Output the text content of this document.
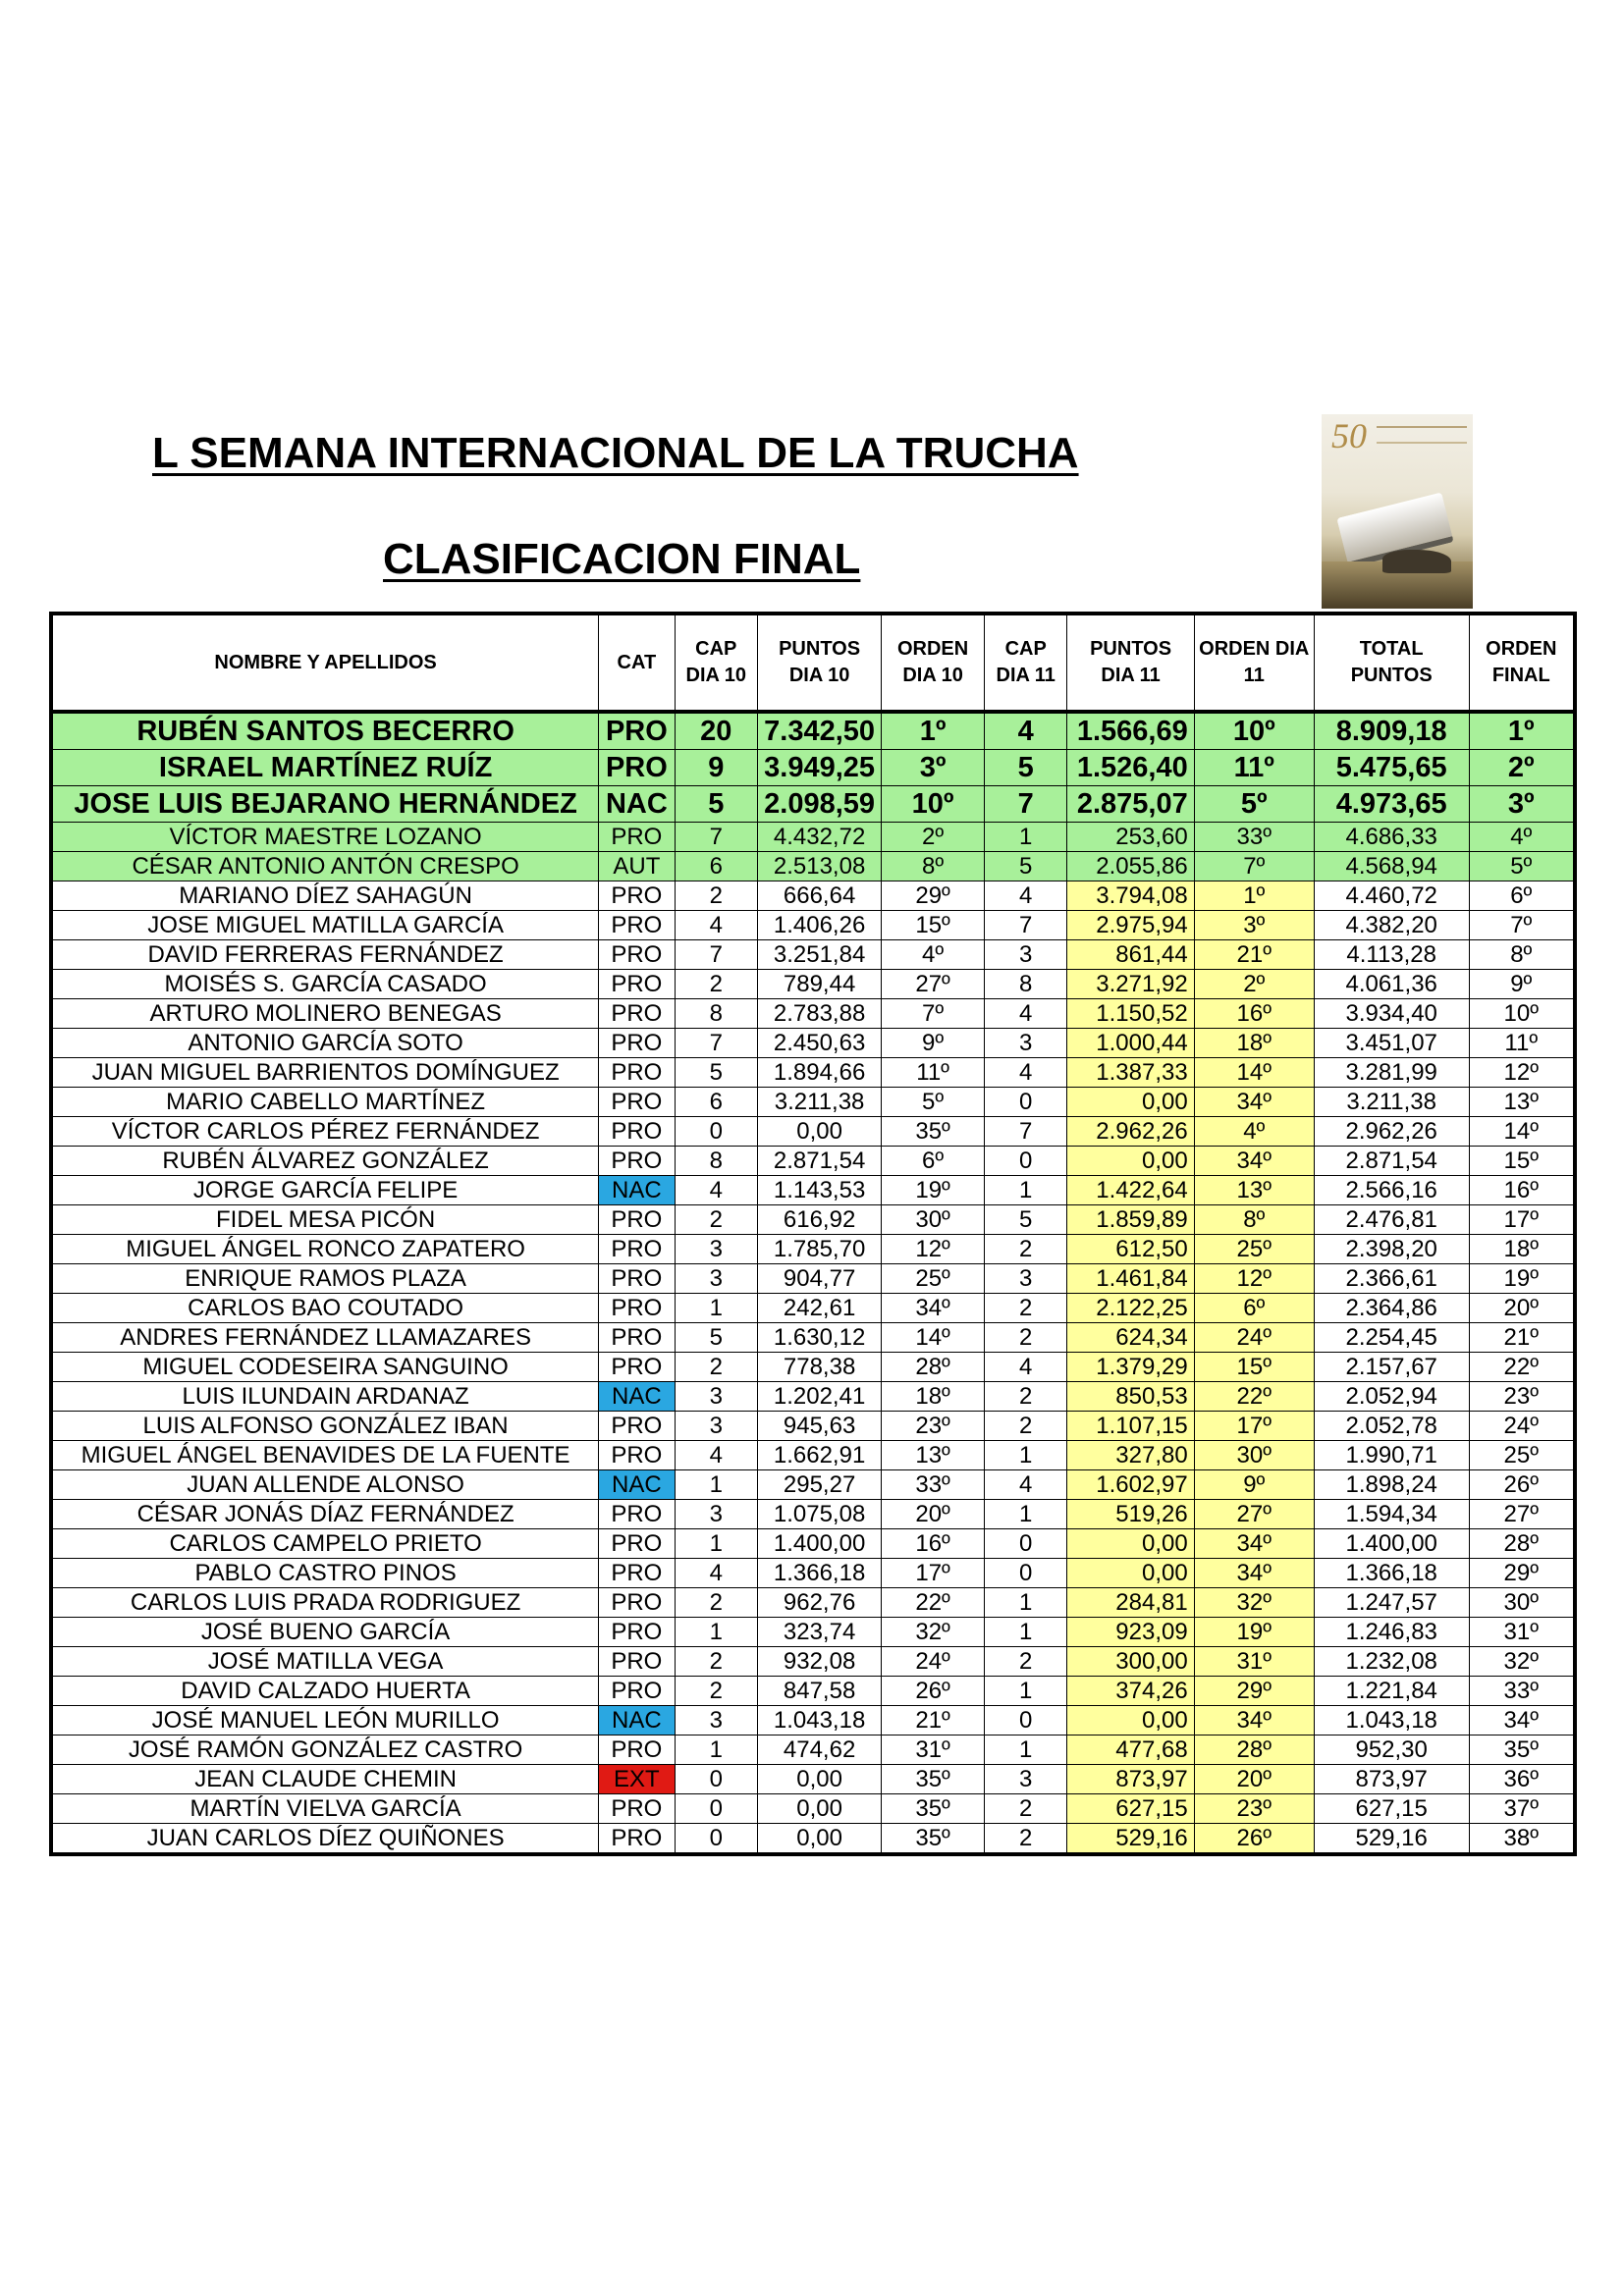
L SEMANA INTERNACIONAL DE LA TRUCHA
CLASIFICACION FINAL
50
NOMBRE Y APELLIDOS	CAT	CAP DIA 10	PUNTOS DIA 10	ORDEN DIA 10	CAP DIA 11	PUNTOS DIA 11	ORDEN DIA 11	TOTAL PUNTOS	ORDEN FINAL
RUBÉN SANTOS BECERRO	PRO	20	7.342,50	1º	4	1.566,69	10º	8.909,18	1º
ISRAEL MARTÍNEZ RUÍZ	PRO	9	3.949,25	3º	5	1.526,40	11º	5.475,65	2º
JOSE LUIS BEJARANO HERNÁNDEZ	NAC	5	2.098,59	10º	7	2.875,07	5º	4.973,65	3º
VÍCTOR MAESTRE LOZANO	PRO	7	4.432,72	2º	1	253,60	33º	4.686,33	4º
CÉSAR ANTONIO ANTÓN CRESPO	AUT	6	2.513,08	8º	5	2.055,86	7º	4.568,94	5º
MARIANO DÍEZ SAHAGÚN	PRO	2	666,64	29º	4	3.794,08	1º	4.460,72	6º
JOSE MIGUEL MATILLA GARCÍA	PRO	4	1.406,26	15º	7	2.975,94	3º	4.382,20	7º
DAVID FERRERAS FERNÁNDEZ	PRO	7	3.251,84	4º	3	861,44	21º	4.113,28	8º
MOISÉS S. GARCÍA CASADO	PRO	2	789,44	27º	8	3.271,92	2º	4.061,36	9º
ARTURO MOLINERO BENEGAS	PRO	8	2.783,88	7º	4	1.150,52	16º	3.934,40	10º
ANTONIO GARCÍA SOTO	PRO	7	2.450,63	9º	3	1.000,44	18º	3.451,07	11º
JUAN MIGUEL BARRIENTOS DOMÍNGUEZ	PRO	5	1.894,66	11º	4	1.387,33	14º	3.281,99	12º
MARIO CABELLO MARTÍNEZ	PRO	6	3.211,38	5º	0	0,00	34º	3.211,38	13º
VÍCTOR CARLOS PÉREZ FERNÁNDEZ	PRO	0	0,00	35º	7	2.962,26	4º	2.962,26	14º
RUBÉN ÁLVAREZ GONZÁLEZ	PRO	8	2.871,54	6º	0	0,00	34º	2.871,54	15º
JORGE GARCÍA FELIPE	NAC	4	1.143,53	19º	1	1.422,64	13º	2.566,16	16º
FIDEL MESA PICÓN	PRO	2	616,92	30º	5	1.859,89	8º	2.476,81	17º
MIGUEL ÁNGEL RONCO ZAPATERO	PRO	3	1.785,70	12º	2	612,50	25º	2.398,20	18º
ENRIQUE RAMOS PLAZA	PRO	3	904,77	25º	3	1.461,84	12º	2.366,61	19º
CARLOS BAO COUTADO	PRO	1	242,61	34º	2	2.122,25	6º	2.364,86	20º
ANDRES FERNÁNDEZ LLAMAZARES	PRO	5	1.630,12	14º	2	624,34	24º	2.254,45	21º
MIGUEL CODESEIRA SANGUINO	PRO	2	778,38	28º	4	1.379,29	15º	2.157,67	22º
LUIS ILUNDAIN ARDANAZ	NAC	3	1.202,41	18º	2	850,53	22º	2.052,94	23º
LUIS ALFONSO GONZÁLEZ IBAN	PRO	3	945,63	23º	2	1.107,15	17º	2.052,78	24º
MIGUEL ÁNGEL BENAVIDES DE LA FUENTE	PRO	4	1.662,91	13º	1	327,80	30º	1.990,71	25º
JUAN ALLENDE ALONSO	NAC	1	295,27	33º	4	1.602,97	9º	1.898,24	26º
CÉSAR JONÁS DÍAZ FERNÁNDEZ	PRO	3	1.075,08	20º	1	519,26	27º	1.594,34	27º
CARLOS CAMPELO PRIETO	PRO	1	1.400,00	16º	0	0,00	34º	1.400,00	28º
PABLO CASTRO PINOS	PRO	4	1.366,18	17º	0	0,00	34º	1.366,18	29º
CARLOS LUIS PRADA RODRIGUEZ	PRO	2	962,76	22º	1	284,81	32º	1.247,57	30º
JOSÉ BUENO GARCÍA	PRO	1	323,74	32º	1	923,09	19º	1.246,83	31º
JOSÉ MATILLA VEGA	PRO	2	932,08	24º	2	300,00	31º	1.232,08	32º
DAVID CALZADO HUERTA	PRO	2	847,58	26º	1	374,26	29º	1.221,84	33º
JOSÉ MANUEL LEÓN MURILLO	NAC	3	1.043,18	21º	0	0,00	34º	1.043,18	34º
JOSÉ RAMÓN GONZÁLEZ CASTRO	PRO	1	474,62	31º	1	477,68	28º	952,30	35º
JEAN CLAUDE CHEMIN	EXT	0	0,00	35º	3	873,97	20º	873,97	36º
MARTÍN VIELVA GARCÍA	PRO	0	0,00	35º	2	627,15	23º	627,15	37º
JUAN CARLOS DÍEZ QUIÑONES	PRO	0	0,00	35º	2	529,16	26º	529,16	38º
